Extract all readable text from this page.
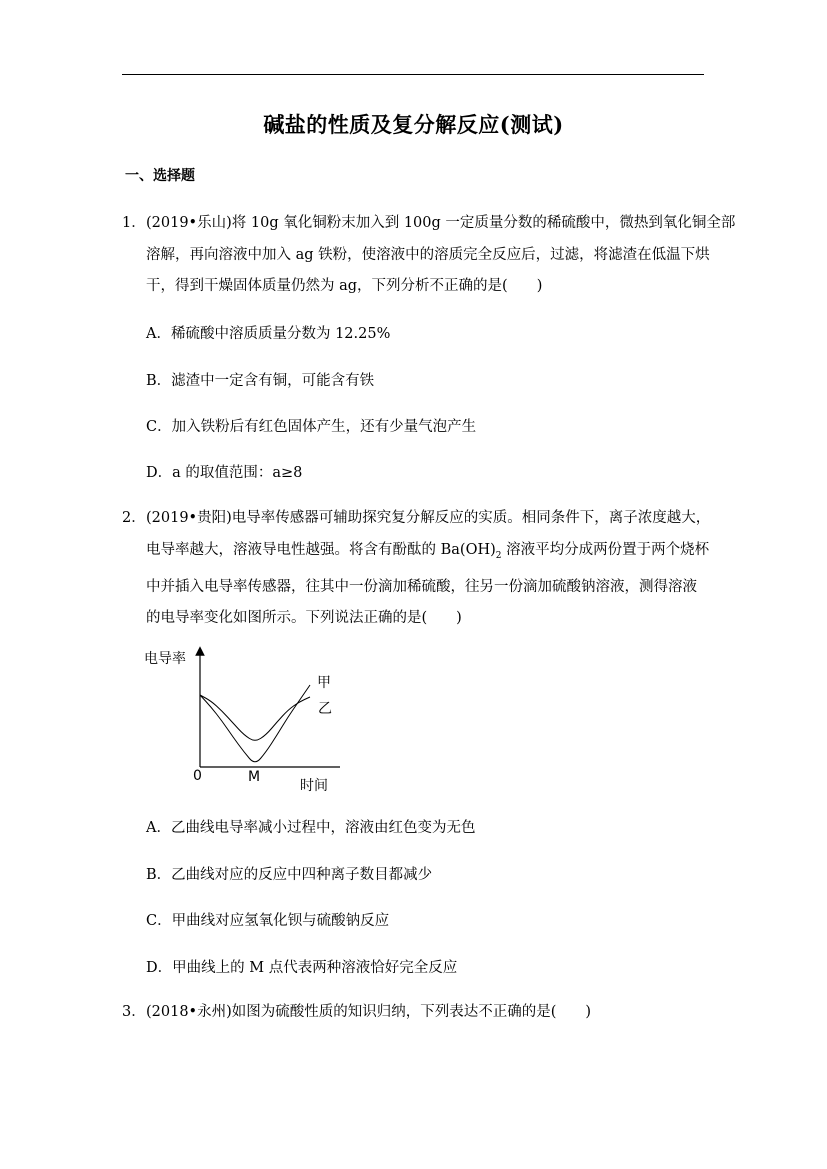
碱盐的性质及复分解反应(测试)
一、选择题
1．(2019•乐山)将 10g 氧化铜粉末加入到 100g 一定质量分数的稀硫酸中，微热到氧化铜全部
溶解，再向溶液中加入 ag 铁粉，使溶液中的溶质完全反应后，过滤，将滤渣在低温下烘
干，得到干燥固体质量仍然为 ag，下列分析不正确的是(　　)
A．稀硫酸中溶质质量分数为 12.25%
B．滤渣中一定含有铜，可能含有铁
C．加入铁粉后有红色固体产生，还有少量气泡产生
D．a 的取值范围：a≥8
2．(2019•贵阳)电导率传感器可辅助探究复分解反应的实质。相同条件下，离子浓度越大，
电导率越大，溶液导电性越强。将含有酚酞的 $Ba(OH)_2$ 溶液平均分成两份置于两个烧杯
中并插入电导率传感器，往其中一份滴加稀硫酸，往另一份滴加硫酸钠溶液，测得溶液
的电导率变化如图所示。下列说法正确的是(　　)
电导率
时间
0	M
甲
乙
A．乙曲线电导率减小过程中，溶液由红色变为无色
B．乙曲线对应的反应中四种离子数目都减少
C．甲曲线对应氢氧化钡与硫酸钠反应
D．甲曲线上的 M 点代表两种溶液恰好完全反应
3．(2018•永州)如图为硫酸性质的知识归纳，下列表达不正确的是(　　)
